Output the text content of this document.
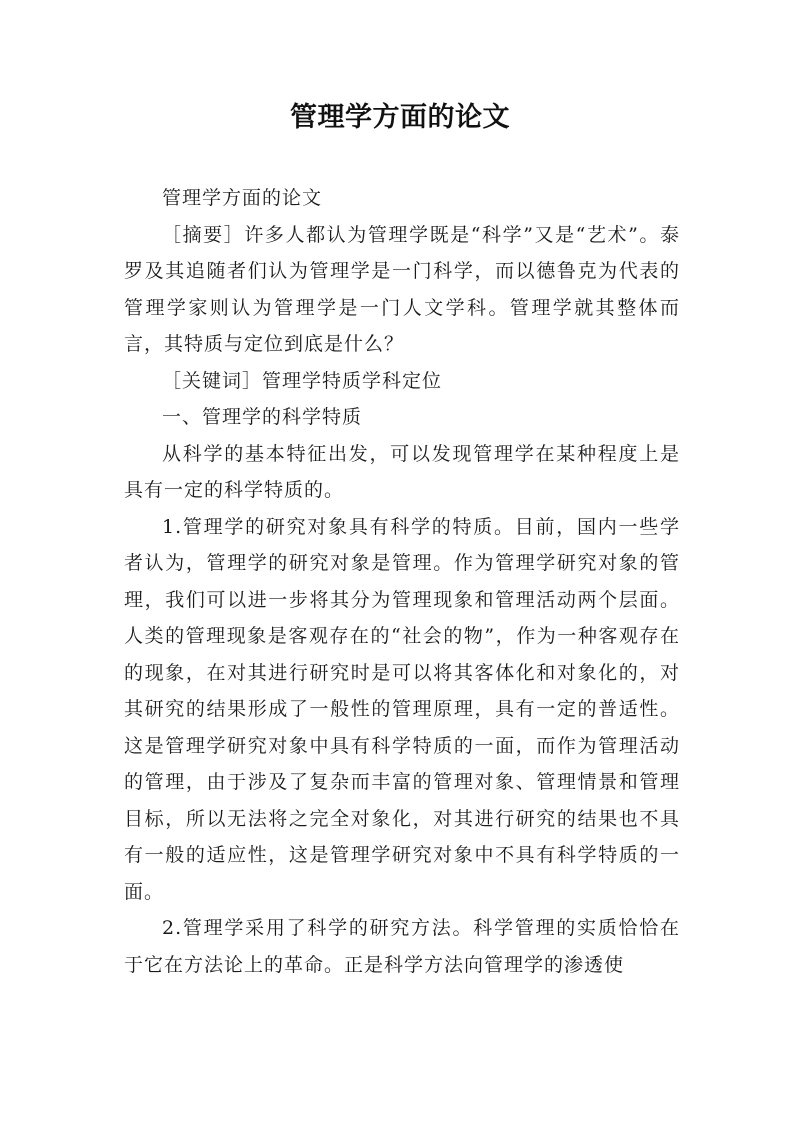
管理学方面的论文

管理学方面的论文

［摘要］许多人都认为管理学既是“科学”又是“艺术”。泰罗及其追随者们认为管理学是一门科学，而以德鲁克为代表的管理学家则认为管理学是一门人文学科。管理学就其整体而言，其特质与定位到底是什么？

［关键词］管理学特质学科定位

一、管理学的科学特质

从科学的基本特征出发，可以发现管理学在某种程度上是具有一定的科学特质的。

1.管理学的研究对象具有科学的特质。目前，国内一些学者认为，管理学的研究对象是管理。作为管理学研究对象的管理，我们可以进一步将其分为管理现象和管理活动两个层面。人类的管理现象是客观存在的“社会的物”，作为一种客观存在的现象，在对其进行研究时是可以将其客体化和对象化的，对其研究的结果形成了一般性的管理原理，具有一定的普适性。这是管理学研究对象中具有科学特质的一面，而作为管理活动的管理，由于涉及了复杂而丰富的管理对象、管理情景和管理目标，所以无法将之完全对象化，对其进行研究的结果也不具有一般的适应性，这是管理学研究对象中不具有科学特质的一面。

2.管理学采用了科学的研究方法。科学管理的实质恰恰在于它在方法论上的革命。正是科学方法向管理学的渗透使
